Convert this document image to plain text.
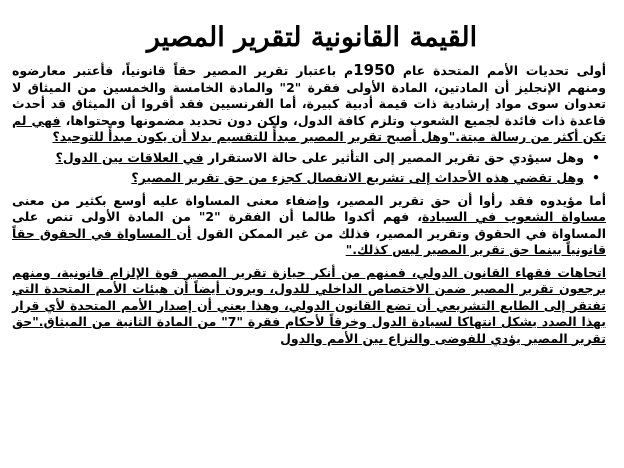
القيمة القانونية لتقرير المصير

أولى تحديات الأمم المتحدة عام 1950م باعتبار تقرير المصير حقاً قانونياً، فأعتبر معارضوه ومنهم الإنجليز أن المادتين، المادة الأولى فقرة "2" والمادة الخامسة والخمسين من الميثاق لا تعدوان سوى مواد إرشادية ذات قيمة أدبية كبيرة، أما الفرنسيين فقد أقروا أن الميثاق قد أحدث قاعدة ذات فائدة لجميع الشعوب وتلزم كافة الدول، ولكن دون تحديد مضمونها ومحتواها، فهي لم تكن أكثر من رسالة ميتة."وهل أصبح تقرير المصير مبدأً للتقسيم بدلا أن يكون مبدأً للتوحيد؟

•
وهل سيؤدي حق تقرير المصير إلى التأثير على حالة الاستقرار في العلاقات بين الدول؟
•
وهل تقضي هذه الأحداث إلى تشريع الانفصال كجزء من حق تقرير المصير؟

أما مؤيدوه فقد رأوا أن حق تقرير المصير، وإضفاء معنى المساواة عليه أوسع بكثير من معنى مساواة الشعوب في السيادة، فهم أكدوا طالما أن الفقرة "2" من المادة الأولى تنص على المساواة في الحقوق وتقرير المصير، فذلك من غير الممكن القول أن المساواة في الحقوق حقاً قانونياً بينما حق تقرير المصير ليس كذلك."

اتجاهات فقهاء القانون الدولي، فمنهم من أنكر حيازة تقرير المصير قوة الإلزام قانونية، ومنهم يرجعون تقرير المصير ضمن الاختصاص الداخلي للدول، ويرون أيضاً أن هيئات الأمم المتحدة التي تفتقر إلى الطابع التشريعي أن تضع القانون الدولي، وهذا يعني أن إصدار الأمم المتحدة لأي قرار بهذا الصدد يشكل انتهاكا لسيادة الدول وخرقاً لأحكام فقرة "7" من المادة الثانية من الميثاق."حق تقرير المصير يؤدي للفوضى والنزاع بين الأمم والدول
